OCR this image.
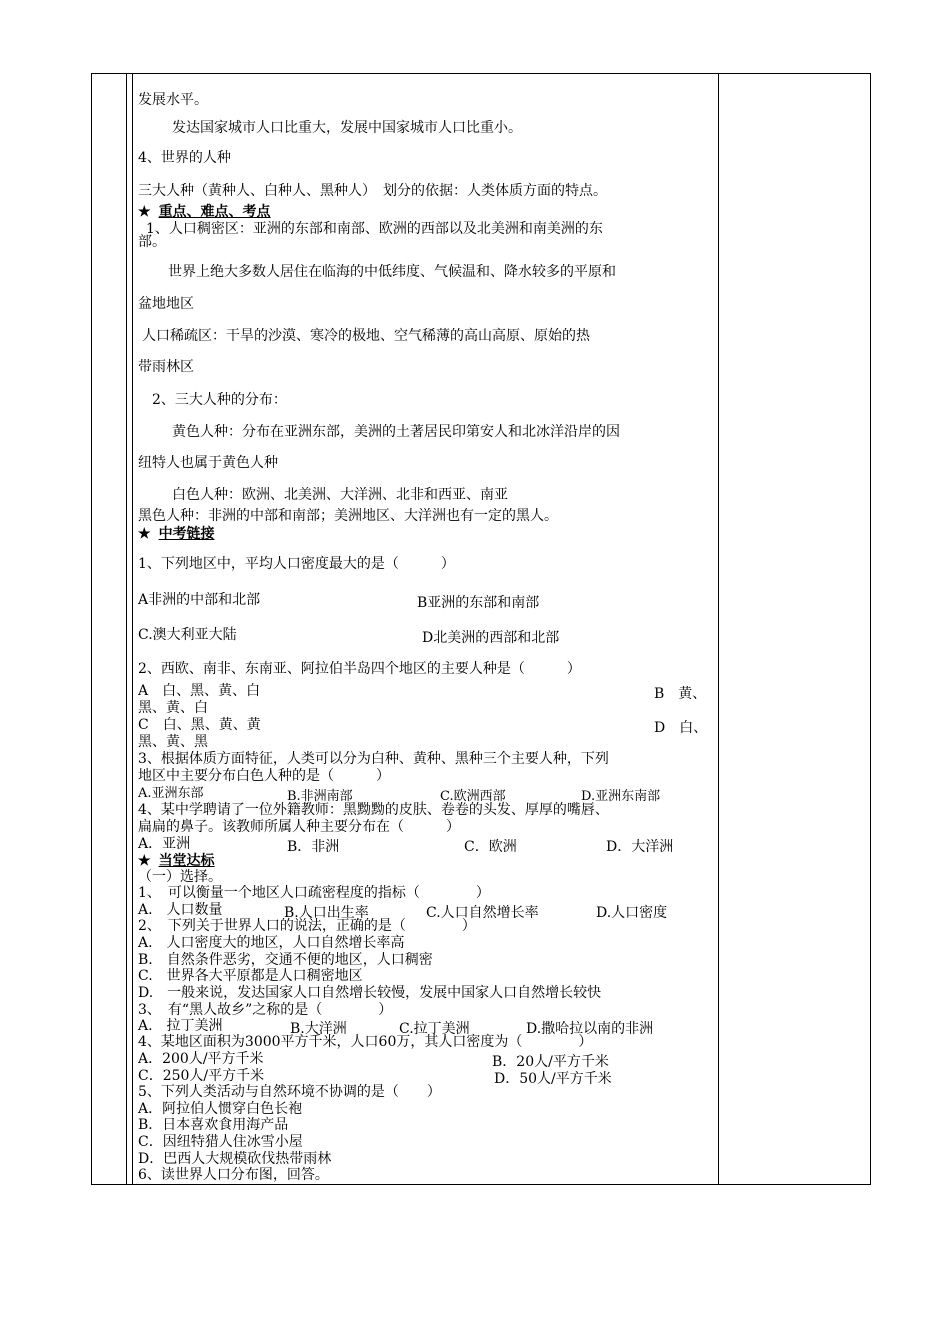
发展水平。
发达国家城市人口比重大，发展中国家城市人口比重小。
4、世界的人种
三大人种（黄种人、白种人、黑种人）　划分的依据：人类体质方面的特点。
★ 重点、难点、考点
1、人口稠密区：亚洲的东部和南部、欧洲的西部以及北美洲和南美洲的东
部。
世界上绝大多数人居住在临海的中低纬度、气候温和、降水较多的平原和
盆地地区
人口稀疏区：干旱的沙漠、寒冷的极地、空气稀薄的高山高原、原始的热
带雨林区
2、三大人种的分布：
黄色人种：分布在亚洲东部，美洲的土著居民印第安人和北冰洋沿岸的因
纽特人也属于黄色人种
白色人种：欧洲、北美洲、大洋洲、北非和西亚、南亚
黑色人种：非洲的中部和南部；美洲地区、大洋洲也有一定的黑人。
★ 中考链接
1、下列地区中，平均人口密度最大的是（　　　）
A非洲的中部和北部	B亚洲的东部和南部
C.澳大利亚大陆	D北美洲的西部和北部
2、西欧、南非、东南亚、阿拉伯半岛四个地区的主要人种是（　　　）
A　白、黑、黄、白	B　黄、
黑、黄、白
C　白、黑、黄、黄	D　白、
黑、黄、黑
3、根据体质方面特征，人类可以分为白种、黄种、黑种三个主要人种，下列
地区中主要分布白色人种的是（　　　）
A.亚洲东部	B.非洲南部	C.欧洲西部	D.亚洲东南部
4、某中学聘请了一位外籍教师：黑黝黝的皮肤、卷卷的头发、厚厚的嘴唇、
扁扁的鼻子。该教师所属人种主要分布在（　　　）
A．亚洲	B．非洲	C．欧洲	D．大洋洲
★ 当堂达标
（一）选择。
1、　可以衡量一个地区人口疏密程度的指标（　　　　）
A.　人口数量	B.人口出生率	C.人口自然增长率	D.人口密度
2、　下列关于世界人口的说法，正确的是（　　　　）
A.　人口密度大的地区，人口自然增长率高
B.　自然条件恶劣，交通不便的地区，人口稠密
C.　世界各大平原都是人口稠密地区
D.　一般来说，发达国家人口自然增长较慢，发展中国家人口自然增长较快
3、　有“黑人故乡”之称的是（　　　　）
A.　拉丁美洲	B.大洋洲	C.拉丁美洲	D.撒哈拉以南的非洲
4、某地区面积为3000平方千米，人口60万，其人口密度为（　　　　）
A．200人/平方千米	B．20人/平方千米
C．250人/平方千米	D．50人/平方千米
5、下列人类活动与自然环境不协调的是（　　）
A．阿拉伯人惯穿白色长袍
B．日本喜欢食用海产品
C．因纽特猎人住冰雪小屋
D．巴西人大规模砍伐热带雨林
6、读世界人口分布图，回答。
